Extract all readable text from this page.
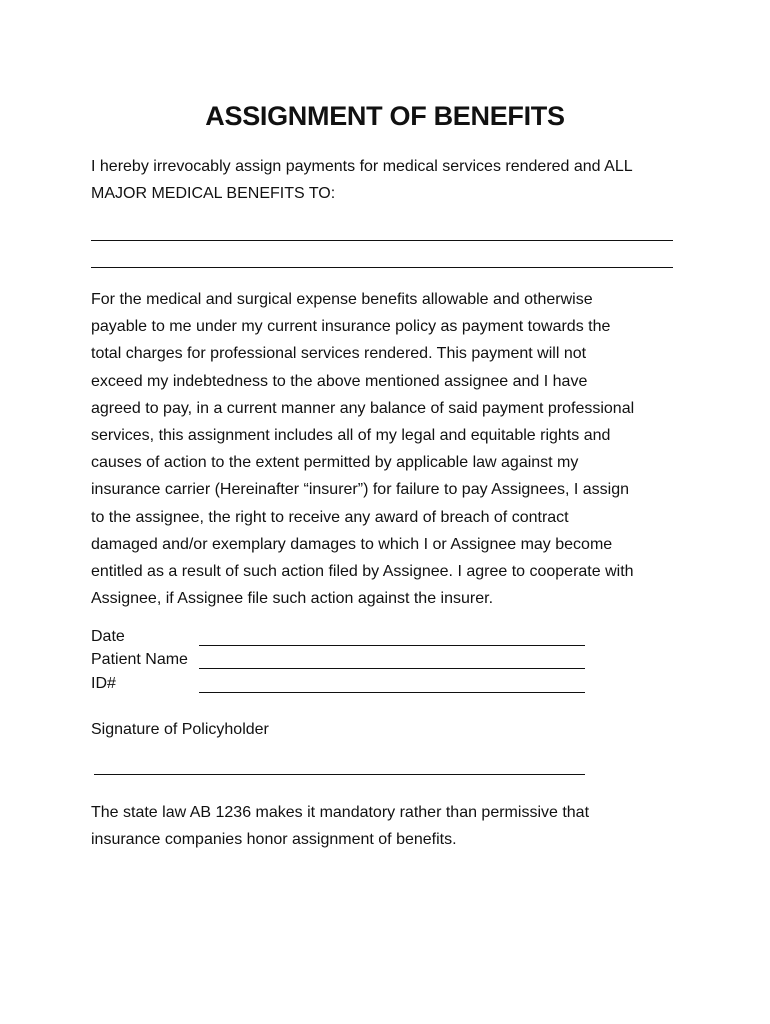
ASSIGNMENT OF BENEFITS
I hereby irrevocably assign payments for medical services rendered and ALL
MAJOR MEDICAL BENEFITS TO:
For the medical and surgical expense benefits allowable and otherwise
payable to me under my current insurance policy as payment towards the
total charges for professional services rendered. This payment will not
exceed my indebtedness to the above mentioned assignee and I have
agreed to pay, in a current manner any balance of said payment professional
services, this assignment includes all of my legal and equitable rights and
causes of action to the extent permitted by applicable law against my
insurance carrier (Hereinafter “insurer”) for failure to pay Assignees, I assign
to the assignee, the right to receive any award of breach of contract
damaged and/or exemplary damages to which I or Assignee may become
entitled as a result of such action filed by Assignee. I agree to cooperate with
Assignee, if Assignee file such action against the insurer.
Date
Patient Name
ID#
Signature of Policyholder
The state law AB 1236 makes it mandatory rather than permissive that
insurance companies honor assignment of benefits.
